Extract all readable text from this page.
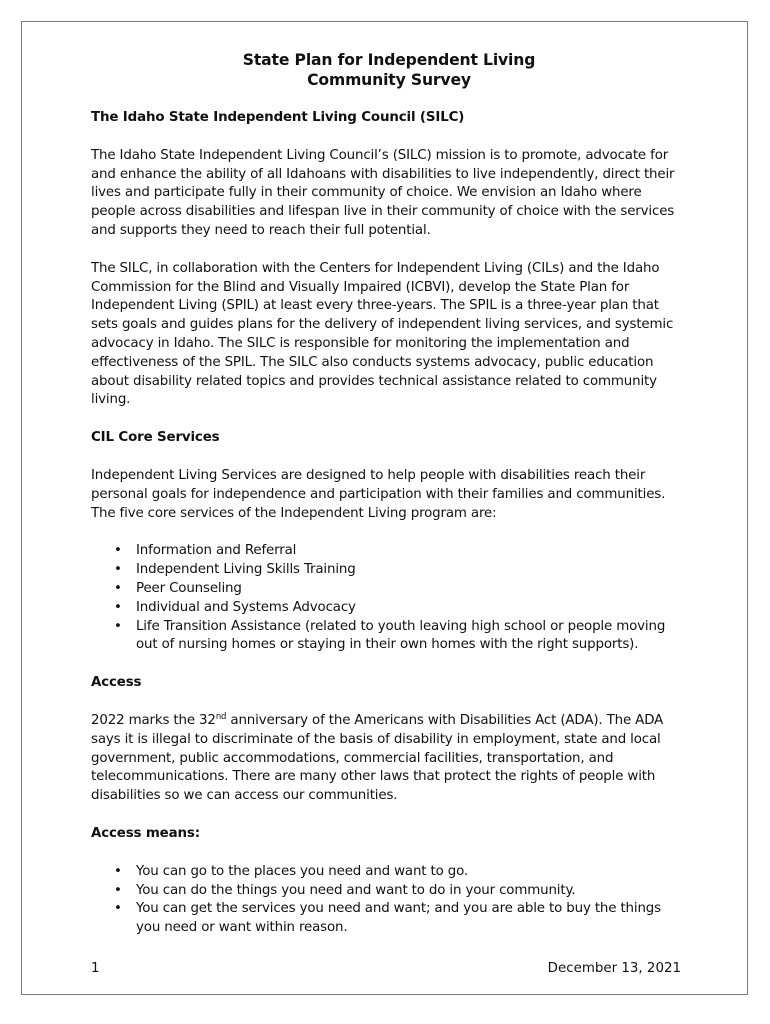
State Plan for Independent Living
Community Survey

The Idaho State Independent Living Council (SILC)

The Idaho State Independent Living Council’s (SILC) mission is to promote, advocate for and enhance the ability of all Idahoans with disabilities to live independently, direct their lives and participate fully in their community of choice. We envision an Idaho where people across disabilities and lifespan live in their community of choice with the services and supports they need to reach their full potential.

The SILC, in collaboration with the Centers for Independent Living (CILs) and the Idaho Commission for the Blind and Visually Impaired (ICBVI), develop the State Plan for Independent Living (SPIL) at least every three-years. The SPIL is a three-year plan that sets goals and guides plans for the delivery of independent living services, and systemic advocacy in Idaho. The SILC is responsible for monitoring the implementation and effectiveness of the SPIL. The SILC also conducts systems advocacy, public education about disability related topics and provides technical assistance related to community living.

CIL Core Services

Independent Living Services are designed to help people with disabilities reach their personal goals for independence and participation with their families and communities. The five core services of the Independent Living program are:

• Information and Referral
• Independent Living Skills Training
• Peer Counseling
• Individual and Systems Advocacy
• Life Transition Assistance (related to youth leaving high school or people moving out of nursing homes or staying in their own homes with the right supports).

Access

2022 marks the 32nd anniversary of the Americans with Disabilities Act (ADA). The ADA says it is illegal to discriminate of the basis of disability in employment, state and local government, public accommodations, commercial facilities, transportation, and telecommunications. There are many other laws that protect the rights of people with disabilities so we can access our communities.

Access means:

• You can go to the places you need and want to go.
• You can do the things you need and want to do in your community.
• You can get the services you need and want; and you are able to buy the things you need or want within reason.
1	December 13, 2021
